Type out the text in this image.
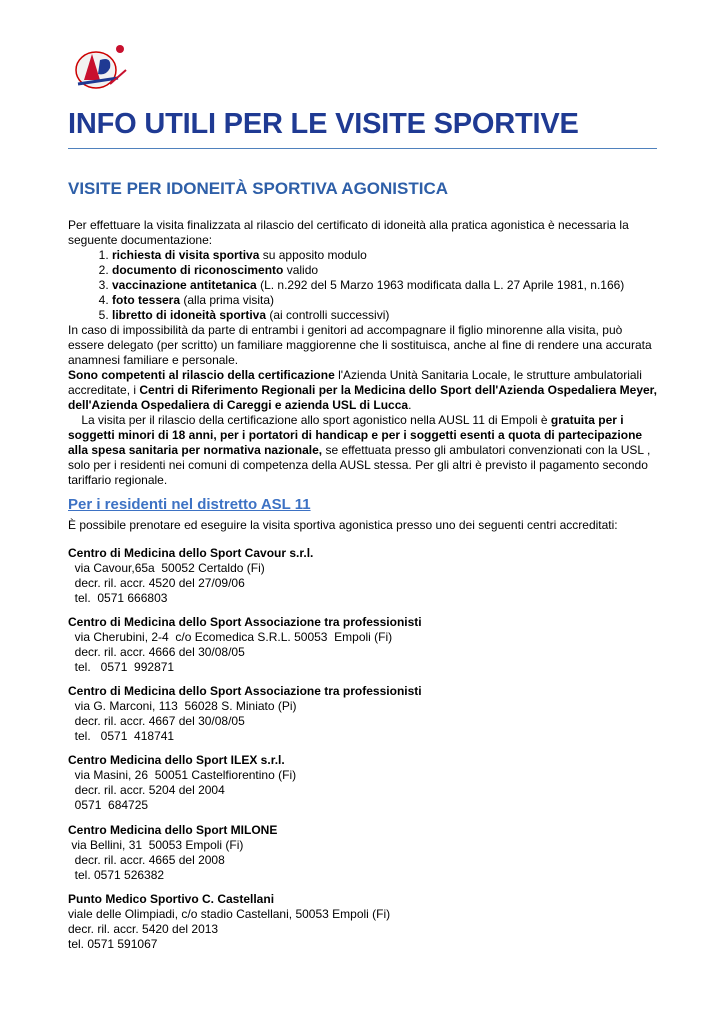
INFO UTILI PER LE VISITE SPORTIVE
VISITE PER IDONEITÀ SPORTIVA AGONISTICA

Per effettuare la visita finalizzata al rilascio del certificato di idoneità alla pratica agonistica è necessaria la seguente documentazione:

1. richiesta di visita sportiva su apposito modulo
2. documento di riconoscimento valido
3. vaccinazione antitetanica (L. n.292 del 5 Marzo 1963 modificata dalla L. 27 Aprile 1981, n.166)
4. foto tessera (alla prima visita)
5. libretto di idoneità sportiva (ai controlli successivi)

In caso di impossibilità da parte di entrambi i genitori ad accompagnare il figlio minorenne alla visita, può essere delegato (per scritto) un familiare maggiorenne che li sostituisca, anche al fine di rendere una accurata anamnesi familiare e personale.

Sono competenti al rilascio della certificazione l'Azienda Unità Sanitaria Locale, le strutture ambulatoriali accreditate, i Centri di Riferimento Regionali per la Medicina dello Sport dell'Azienda Ospedaliera Meyer, dell'Azienda Ospedaliera di Careggi e azienda USL di Lucca.

La visita per il rilascio della certificazione allo sport agonistico nella AUSL 11 di Empoli è gratuita per i soggetti minori di 18 anni, per i portatori di handicap e per i soggetti esenti a quota di partecipazione alla spesa sanitaria per normativa nazionale, se effettuata presso gli ambulatori convenzionati con la USL , solo per i residenti nei comuni di competenza della AUSL stessa. Per gli altri è previsto il pagamento secondo tariffario regionale.

Per i residenti nel distretto ASL 11

È possibile prenotare ed eseguire la visita sportiva agonistica presso uno dei seguenti centri accreditati:

Centro di Medicina dello Sport Cavour s.r.l.
via Cavour,65a  50052 Certaldo (Fi)
decr. ril. accr. 4520 del 27/09/06
tel.  0571 666803
Centro di Medicina dello Sport Associazione tra professionisti
via Cherubini, 2-4  c/o Ecomedica S.R.L. 50053  Empoli (Fi)
decr. ril. accr. 4666 del 30/08/05
tel.   0571  992871
Centro di Medicina dello Sport Associazione tra professionisti
via G. Marconi, 113  56028 S. Miniato (Pi)
decr. ril. accr. 4667 del 30/08/05
tel.   0571  418741
Centro Medicina dello Sport ILEX s.r.l.
via Masini, 26  50051 Castelfiorentino (Fi)
decr. ril. accr. 5204 del 2004
0571  684725
Centro Medicina dello Sport MILONE
via Bellini, 31  50053 Empoli (Fi)
decr. ril. accr. 4665 del 2008
tel. 0571 526382
Punto Medico Sportivo C. Castellani
viale delle Olimpiadi, c/o stadio Castellani, 50053 Empoli (Fi)
decr. ril. accr. 5420 del 2013
tel. 0571 591067
